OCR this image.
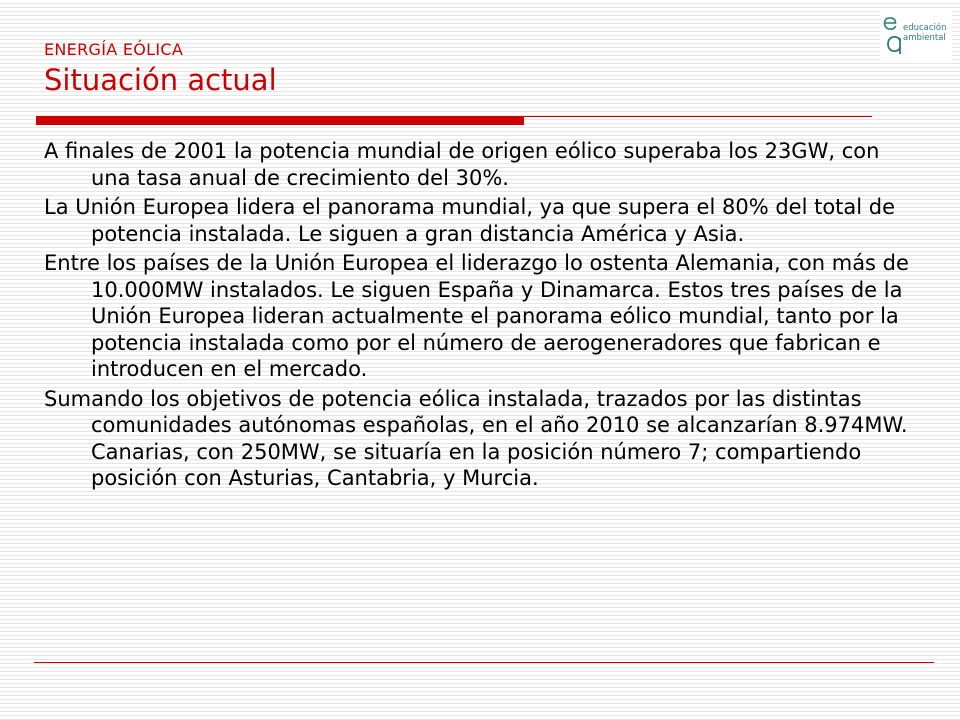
ENERGÍA EÓLICA
Situación actual
educación
ambiental

A finales de 2001 la potencia mundial de origen eólico superaba los 23GW, con una tasa anual de crecimiento del 30%.

La Unión Europea lidera el panorama mundial, ya que supera el 80% del total de potencia instalada. Le siguen a gran distancia América y Asia.

Entre los países de la Unión Europea el liderazgo lo ostenta Alemania, con más de 10.000MW instalados. Le siguen España y Dinamarca. Estos tres países de la Unión Europea lideran actualmente el panorama eólico mundial, tanto por la potencia instalada como por el número de aerogeneradores que fabrican e introducen en el mercado.

Sumando los objetivos de potencia eólica instalada, trazados por las distintas comunidades autónomas españolas, en el año 2010 se alcanzarían 8.974MW. Canarias, con 250MW, se situaría en la posición número 7; compartiendo posición con Asturias, Cantabria, y Murcia.
